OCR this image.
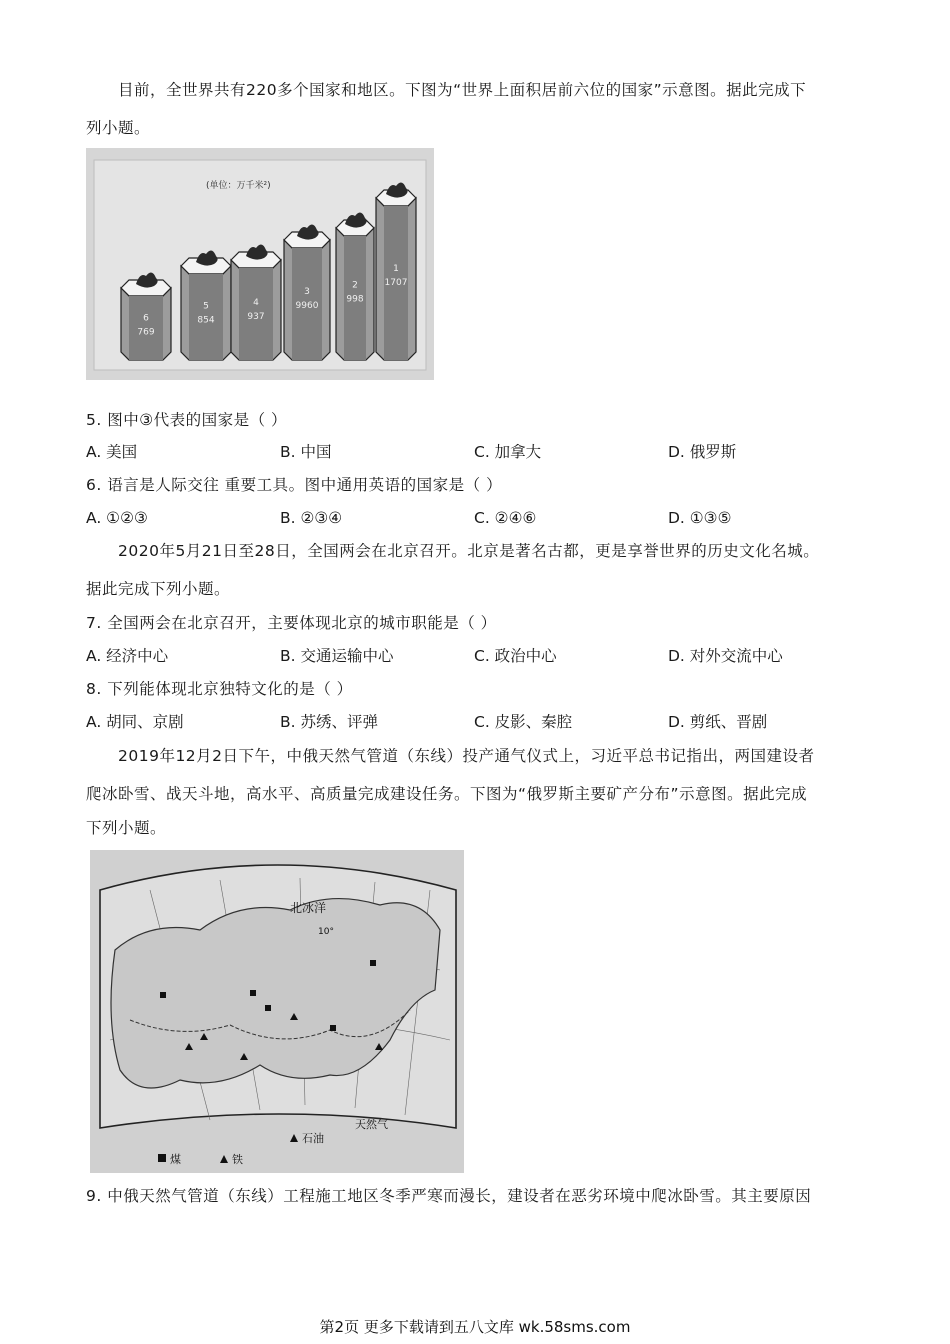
目前，全世界共有220多个国家和地区。下图为“世界上面积居前六位的国家”示意图。据此完成下
列小题。
(单位：万千米²)
6
769
5
854
4
937
3
9960
2
998
1
1707
5. 图中③代表的国家是（ ）
A. 美国	B. 中国	C. 加拿大	D. 俄罗斯
6. 语言是人际交往 重要工具。图中通用英语的国家是（ ）
A. ①②③	B. ②③④	C. ②④⑥	D. ①③⑤
2020年5月21日至28日，全国两会在北京召开。北京是著名古都，更是享誉世界的历史文化名城。
据此完成下列小题。
7. 全国两会在北京召开，主要体现北京的城市职能是（ ）
A. 经济中心	B. 交通运输中心	C. 政治中心	D. 对外交流中心
8. 下列能体现北京独特文化的是（ ）
A. 胡同、京剧	B. 苏绣、评弹	C. 皮影、秦腔	D. 剪纸、晋剧
2019年12月2日下午，中俄天然气管道（东线）投产通气仪式上，习近平总书记指出，两国建设者
爬冰卧雪、战天斗地，高水平、高质量完成建设任务。下图为“俄罗斯主要矿产分布”示意图。据此完成
下列小题。
北冰洋
10°
煤	铁
石油
天然气
9. 中俄天然气管道（东线）工程施工地区冬季严寒而漫长，建设者在恶劣环境中爬冰卧雪。其主要原因
第2页 更多下载请到五八文库 wk.58sms.com
